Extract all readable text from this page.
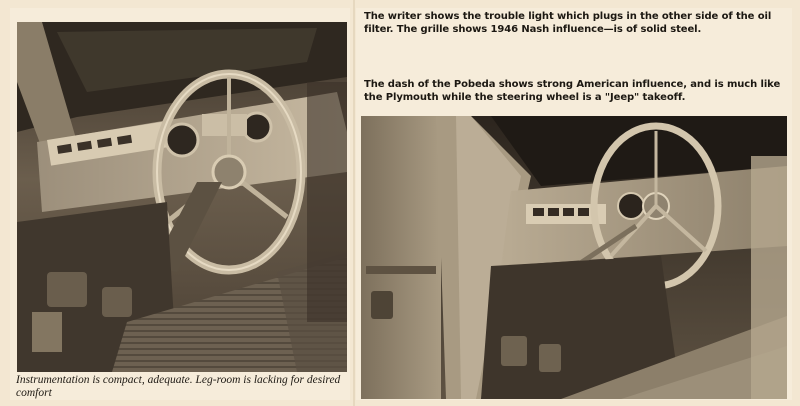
Instrumentation is compact, adequate. Leg-room is lacking for desired comfort
The writer shows the trouble light which plugs in the other side of the oil filter. The grille shows 1946 Nash influence—is of solid steel.
The dash of the Pobeda shows strong American influence, and is much like the Plymouth while the steering wheel is a "Jeep" takeoff.
